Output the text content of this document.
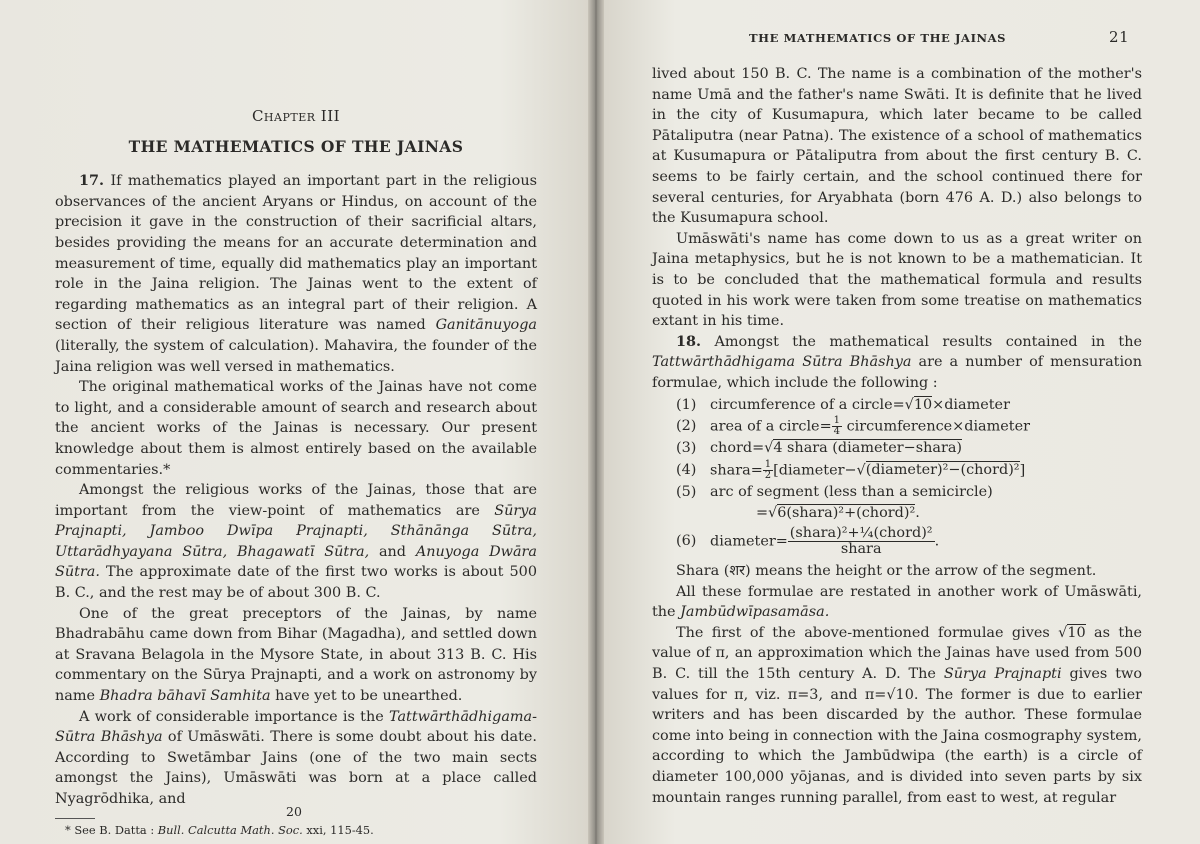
Chapter III
THE MATHEMATICS OF THE JAINAS

17. If mathematics played an important part in the religious observances of the ancient Aryans or Hindus, on account of the precision it gave in the construction of their sacrificial altars, besides providing the means for an accurate determination and measurement of time, equally did mathematics play an important role in the Jaina religion. The Jainas went to the extent of regarding mathematics as an integral part of their religion. A section of their religious literature was named Ganitānuyoga (literally, the system of calculation). Mahavira, the founder of the Jaina religion was well versed in mathematics.

The original mathematical works of the Jainas have not come to light, and a considerable amount of search and research about the ancient works of the Jainas is necessary. Our present knowledge about them is almost entirely based on the available commentaries.*

Amongst the religious works of the Jainas, those that are important from the view-point of mathematics are Sūrya Prajnapti, Jamboo Dwīpa Prajnapti, Sthānānga Sūtra, Uttarādhyayana Sūtra, Bhagawatī Sūtra, and Anuyoga Dwāra Sūtra. The approximate date of the first two works is about 500 B. C., and the rest may be of about 300 B. C.

One of the great preceptors of the Jainas, by name Bhadrabāhu came down from Bihar (Magadha), and settled down at Sravana Belagola in the Mysore State, in about 313 B. C. His commentary on the Sūrya Prajnapti, and a work on astronomy by name Bhadra bāhavī Samhita have yet to be unearthed.

A work of considerable importance is the Tattwārthādhigama-Sūtra Bhāshya of Umāswāti. There is some doubt about his date. According to Swetāmbar Jains (one of the two main sects amongst the Jains), Umāswāti was born at a place called Nyagrōdhika, and

* See B. Datta : Bull. Calcutta Math. Soc. xxi, 115-45.

20
THE MATHEMATICS OF THE JAINAS	21

lived about 150 B. C. The name is a combination of the mother's name Umā and the father's name Swāti. It is definite that he lived in the city of Kusumapura, which later became to be called Pātaliputra (near Patna). The existence of a school of mathematics at Kusumapura or Pātaliputra from about the first century B. C. seems to be fairly certain, and the school continued there for several centuries, for Aryabhata (born 476 A. D.) also belongs to the Kusumapura school.

Umāswāti's name has come down to us as a great writer on Jaina metaphysics, but he is not known to be a mathematician. It is to be concluded that the mathematical formula and results quoted in his work were taken from some treatise on mathematics extant in his time.

18. Amongst the mathematical results contained in the Tattwārthādhigama Sūtra Bhāshya are a number of mensuration formulae, which include the following :

(1) circumference of a circle=√10×diameter
(2) area of a circle= $\frac{1}{4}$ circumference×diameter
(3) chord=√4 shara (diameter−shara)
(4) shara= $\frac{1}{2}$ [diameter−√(diameter)²−(chord)²]
(5) arc of segment (less than a semicircle)
=√6(shara)²+(chord)².
(6) diameter= $\frac{\text{(shara)²+¼(chord)²}}{\text{shara}}$ .

Shara (शर) means the height or the arrow of the segment.

All these formulae are restated in another work of Umāswāti, the Jambūdwīpasamāsa.

The first of the above-mentioned formulae gives √10 as the value of π, an approximation which the Jainas have used from 500 B. C. till the 15th century A. D. The Sūrya Prajnapti gives two values for π, viz. π=3, and π=√10. The former is due to earlier writers and has been discarded by the author. These formulae come into being in connection with the Jaina cosmography system, according to which the Jambūdwipa (the earth) is a circle of diameter 100,000 yōjanas, and is divided into seven parts by six mountain ranges running parallel, from east to west, at regular
